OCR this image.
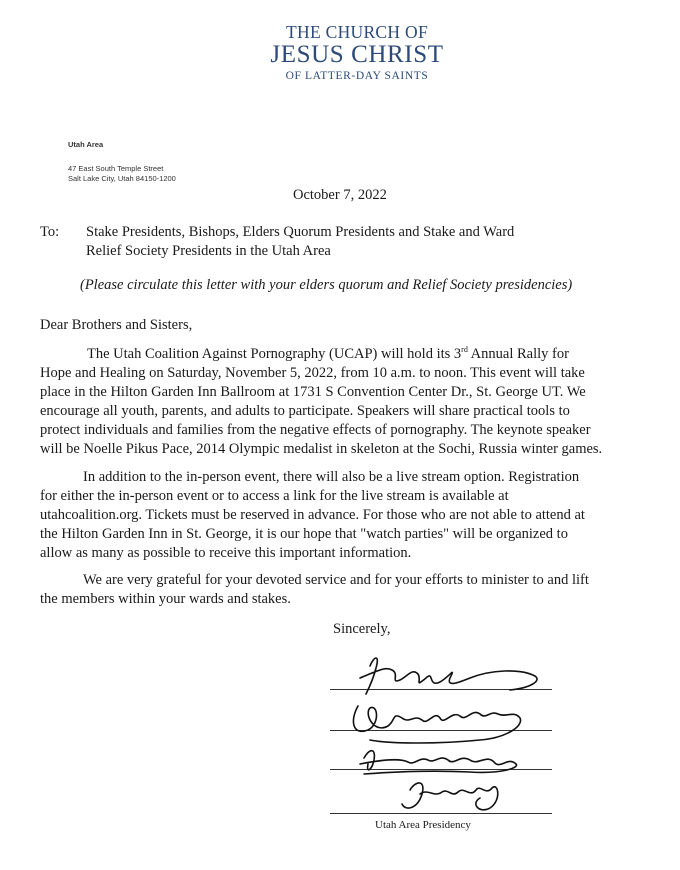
THE CHURCH OF
JESUS CHRIST
OF LATTER-DAY SAINTS
Utah Area
47 East South Temple Street
Salt Lake City, Utah 84150-1200
October 7, 2022
To: Stake Presidents, Bishops, Elders Quorum Presidents and Stake and Ward
Relief Society Presidents in the Utah Area
(Please circulate this letter with your elders quorum and Relief Society presidencies)
Dear Brothers and Sisters,
The Utah Coalition Against Pornography (UCAP) will hold its 3rd Annual Rally for
Hope and Healing on Saturday, November 5, 2022, from 10 a.m. to noon. This event will take
place in the Hilton Garden Inn Ballroom at 1731 S Convention Center Dr., St. George UT. We
encourage all youth, parents, and adults to participate. Speakers will share practical tools to
protect individuals and families from the negative effects of pornography. The keynote speaker
will be Noelle Pikus Pace, 2014 Olympic medalist in skeleton at the Sochi, Russia winter games.
In addition to the in-person event, there will also be a live stream option. Registration
for either the in-person event or to access a link for the live stream is available at
utahcoalition.org. Tickets must be reserved in advance. For those who are not able to attend at
the Hilton Garden Inn in St. George, it is our hope that "watch parties" will be organized to
allow as many as possible to receive this important information.
We are very grateful for your devoted service and for your efforts to minister to and lift
the members within your wards and stakes.
Sincerely,
Utah Area Presidency
